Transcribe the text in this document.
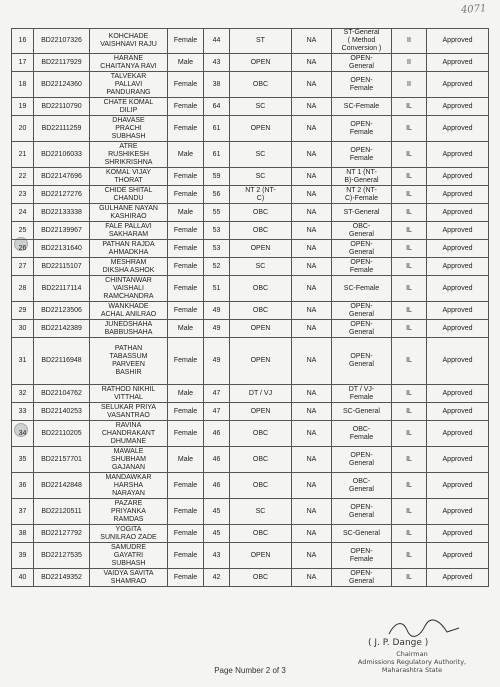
4071
16	BD22107326	KOHCHADE
VAISHNAVI RAJU	Female	44	ST	NA	ST-General
( Method
Conversion )	II	Approved
17	BD22117929	HARANE
CHAITANYA RAVI	Male	43	OPEN	NA	OPEN-
General	II	Approved
18	BD22124360	TALVEKAR
PALLAVI
PANDURANG	Female	38	OBC	NA	OPEN-
Female	II	Approved
19	BD22110790	CHATE KOMAL
DILIP	Female	64	SC	NA	SC-Female	IL	Approved
20	BD22111259	DHAVASE
PRACHI
SUBHASH	Female	61	OPEN	NA	OPEN-
Female	IL	Approved
21	BD22106033	ATRE
RUSHIKESH
SHRIKRISHNA	Male	61	SC	NA	OPEN-
Female	IL	Approved
22	BD22147696	KOMAL VIJAY
THORAT	Female	59	SC	NA	NT 1 (NT-
B)-General	IL	Approved
23	BD22127276	CHIDE SHITAL
CHANDU	Female	56	NT 2 (NT-
C)	NA	NT 2 (NT-
C)-Female	IL	Approved
24	BD22133338	GULHANE NAYAN
KASHIRAO	Male	55	OBC	NA	ST-General	IL	Approved
25	BD22139967	FALE PALLAVI
SAKHARAM	Female	53	OBC	NA	OBC-
General	IL	Approved
26	BD22131640	PATHAN RAJDA
AHMADKHA	Female	53	OPEN	NA	OPEN-
General	IL	Approved
27	BD22115107	MESHRAM
DIKSHA ASHOK	Female	52	SC	NA	OPEN-
Female	IL	Approved
28	BD22117114	CHINTANWAR
VAISHALI
RAMCHANDRA	Female	51	OBC	NA	SC-Female	IL	Approved
29	BD22123506	WANKHADE
ACHAL ANILRAO	Female	49	OBC	NA	OPEN-
General	IL	Approved
30	BD22142389	JUNEDSHAHA
BABBUSHAHA	Male	49	OPEN	NA	OPEN-
General	IL	Approved
31	BD22116948	PATHAN
TABASSUM
PARVEEN
BASHIR	Female	49	OPEN	NA	OPEN-
General	IL	Approved
32	BD22104762	RATHOD NIKHIL
VITTHAL	Male	47	DT / VJ	NA	DT / VJ-
Female	IL	Approved
33	BD22140253	SELUKAR PRIYA
VASANTRAO	Female	47	OPEN	NA	SC-General	IL	Approved
34	BD22110205	RAVINA
CHANDRAKANT
DHUMANE	Female	46	OBC	NA	OBC-
Female	IL	Approved
35	BD22157701	MAWALE
SHUBHAM
GAJANAN	Male	46	OBC	NA	OPEN-
General	IL	Approved
36	BD22142848	MANDAWKAR
HARSHA
NARAYAN	Female	46	OBC	NA	OBC-
General	IL	Approved
37	BD22120511	PAZARE
PRIYANKA
RAMDAS	Female	45	SC	NA	OPEN-
General	IL	Approved
38	BD22127792	YOGITA
SUNILRAO ZADE	Female	45	OBC	NA	SC-General	IL	Approved
39	BD22127535	SAMUDRE
GAYATRI
SUBHASH	Female	43	OPEN	NA	OPEN-
Female	IL	Approved
40	BD22149352	VAIDYA SAVITA
SHAMRAO	Female	42	OBC	NA	OPEN-
General	IL	Approved
Page Number 2 of 3
( J. P. Dange )
Chairman
Admissions Regulatory Authority,
Maharashtra State
